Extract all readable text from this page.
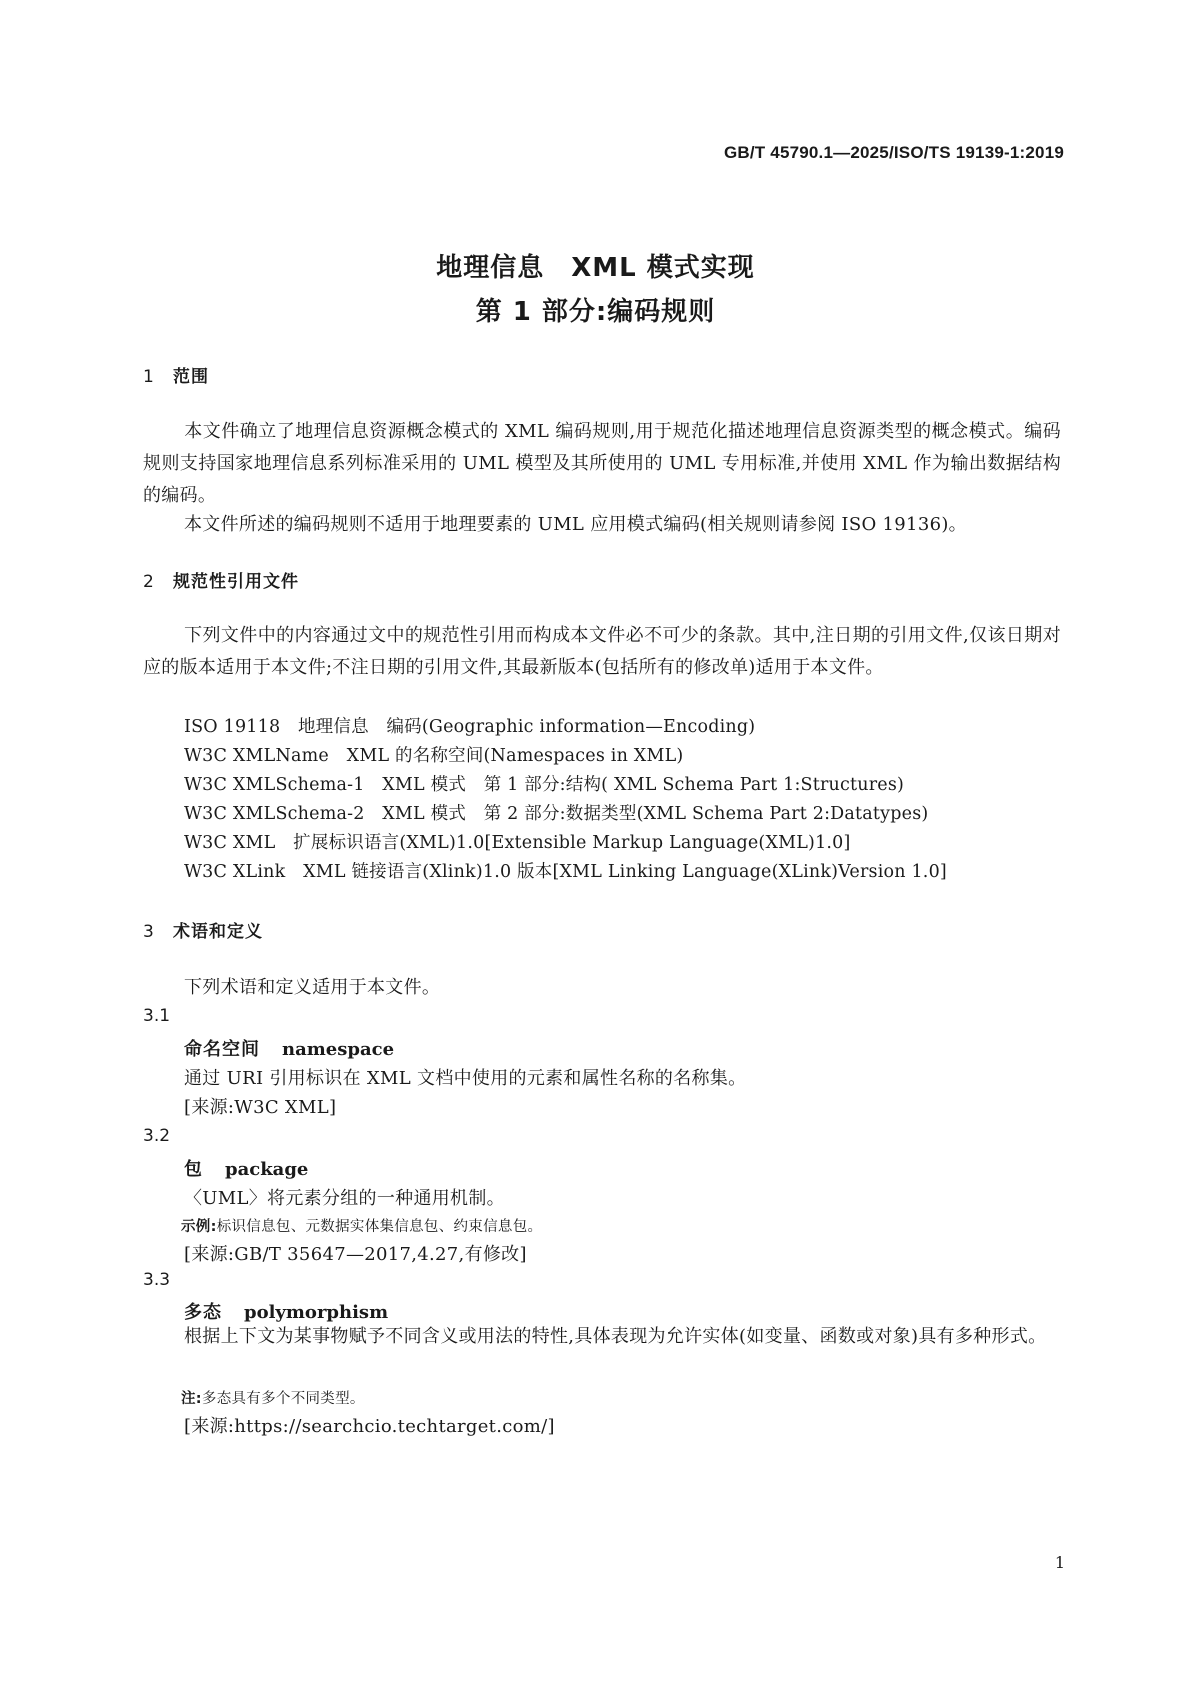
GB/T 45790.1—2025/ISO/TS 19139-1:2019
地理信息　XML 模式实现
第 1 部分:编码规则
1 范围
本文件确立了地理信息资源概念模式的 XML 编码规则,用于规范化描述地理信息资源类型的概念模式。编码规则支持国家地理信息系列标准采用的 UML 模型及其所使用的 UML 专用标准,并使用 XML 作为输出数据结构的编码。
本文件所述的编码规则不适用于地理要素的 UML 应用模式编码(相关规则请参阅 ISO 19136)。
2 规范性引用文件
下列文件中的内容通过文中的规范性引用而构成本文件必不可少的条款。其中,注日期的引用文件,仅该日期对应的版本适用于本文件;不注日期的引用文件,其最新版本(包括所有的修改单)适用于本文件。
ISO 19118　地理信息　编码(Geographic information—Encoding)
W3C XMLName　XML 的名称空间(Namespaces in XML)
W3C XMLSchema-1　XML 模式　第 1 部分:结构( XML Schema Part 1:Structures)
W3C XMLSchema-2　XML 模式　第 2 部分:数据类型(XML Schema Part 2:Datatypes)
W3C XML　扩展标识语言(XML)1.0[Extensible Markup Language(XML)1.0]
W3C XLink　XML 链接语言(Xlink)1.0 版本[XML Linking Language(XLink)Version 1.0]
3 术语和定义
下列术语和定义适用于本文件。
3.1
命名空间 namespace
通过 URI 引用标识在 XML 文档中使用的元素和属性名称的名称集。
[来源:W3C XML]
3.2
包 package
〈UML〉将元素分组的一种通用机制。
示例:标识信息包、元数据实体集信息包、约束信息包。
[来源:GB/T 35647—2017,4.27,有修改]
3.3
多态 polymorphism
根据上下文为某事物赋予不同含义或用法的特性,具体表现为允许实体(如变量、函数或对象)具有多种形式。
注:多态具有多个不同类型。
[来源:https://searchcio.techtarget.com/]
1
